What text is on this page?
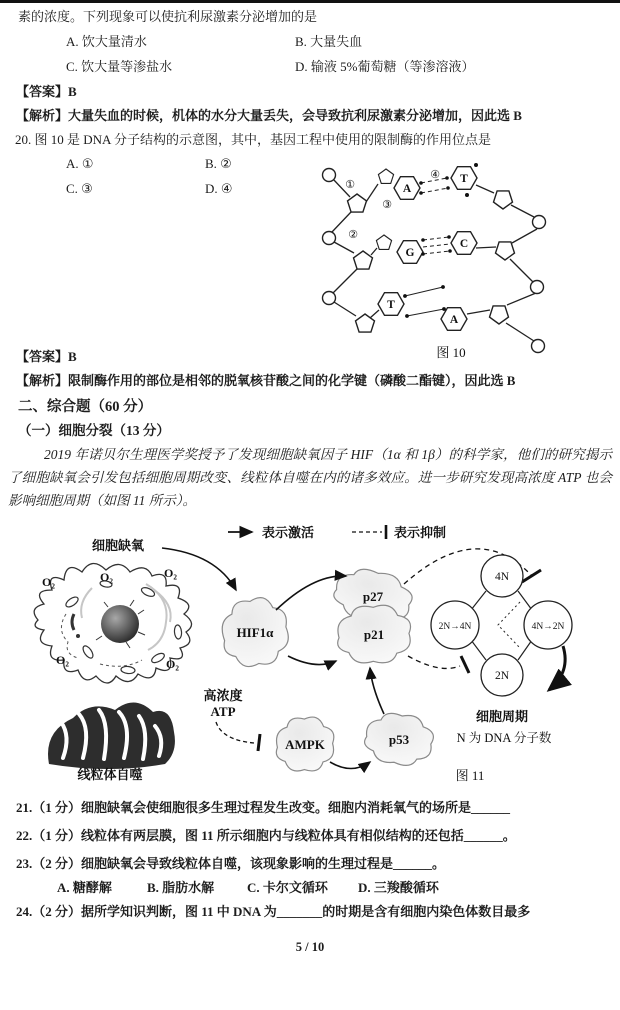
素的浓度。下列现象可以使抗利尿激素分泌增加的是
A. 饮大量清水	B. 大量失血
C. 饮大量等渗盐水	D. 输液 5%葡萄糖（等渗溶液）
【答案】B
【解析】大量失血的时候，机体的水分大量丢失，会导致抗利尿激素分泌增加，因此选 B
20. 图 10 是 DNA 分子结构的示意图，其中，基因工程中使用的限制酶的作用位点是
A. ①	B. ②
C. ③	D. ④	A
T
G
C
T
A
①
②
③
④
图 10
【答案】B
【解析】限制酶作用的部位是相邻的脱氧核苷酸之间的化学键（磷酸二酯键），因此选 B
二、综合题（60 分）
（一）细胞分裂（13 分）
2019 年诺贝尔生理医学奖授予了发现细胞缺氧因子 HIF（1α 和 1β）的科学家，他们的研究揭示了细胞缺氧会引发包括细胞周期改变、线粒体自噬在内的诸多效应。进一步研究发现高浓度 ATP 也会影响细胞周期（如图 11 所示）。
表示激活	表示抑制
O₂	O₂	O₂
O₂	O₂
细胞缺氧
线粒体自噬
高浓度
ATP
HIF1α
p27
p21
AMPK	p53
4N
2N→4N	4N→2N
2N
细胞周期
N 为 DNA 分子数
图 11
21.（1 分）细胞缺氧会使细胞很多生理过程发生改变。细胞内消耗氧气的场所是______
22.（1 分）线粒体有两层膜，图 11 所示细胞内与线粒体具有相似结构的还包括______。
23.（2 分）细胞缺氧会导致线粒体自噬，该现象影响的生理过程是______。
A. 糖酵解	B. 脂肪水解	C. 卡尔文循环 D. 三羧酸循环
24.（2 分）据所学知识判断，图 11 中 DNA 为_______的时期是含有细胞内染色体数目最多
5 / 10
